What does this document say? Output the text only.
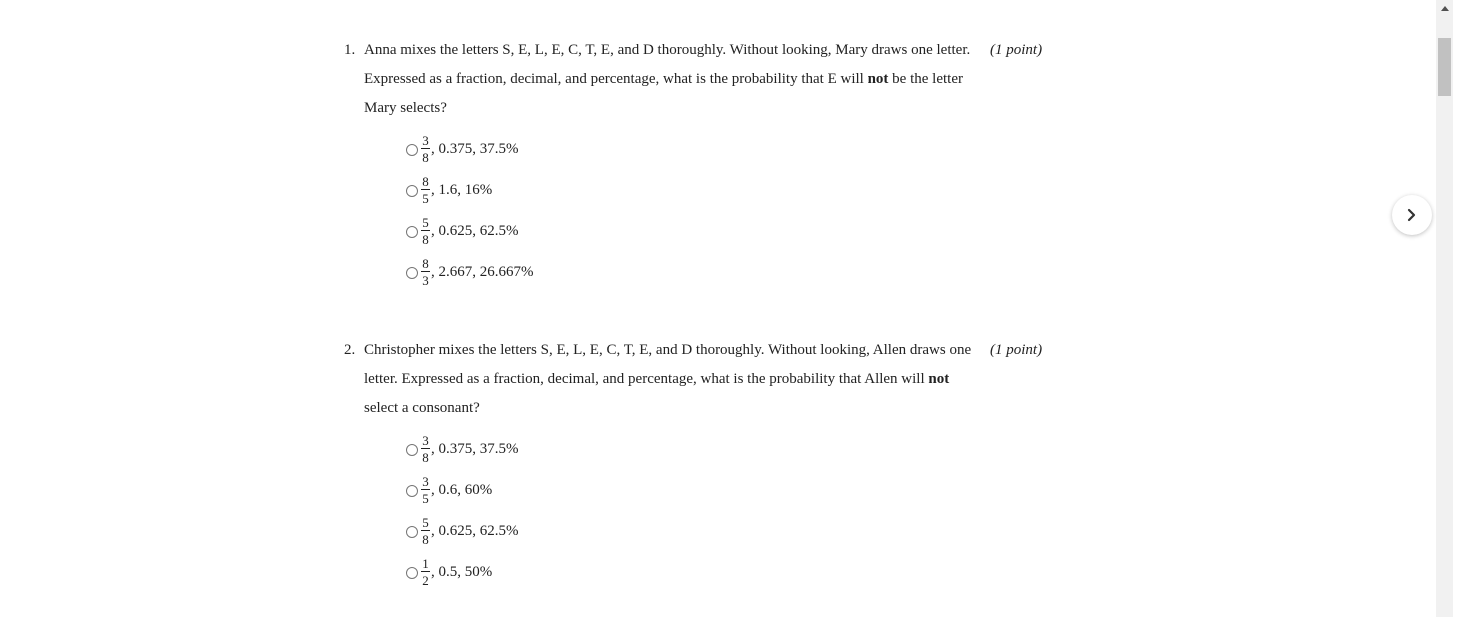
1. Anna mixes the letters S, E, L, E, C, T, E, and D thoroughly. Without looking, Mary draws one letter. Expressed as a fraction, decimal, and percentage, what is the probability that E will not be the letter Mary selects?
(1 point)
$\frac{3}{8}$ , 0.375, 37.5%
$\frac{8}{5}$ , 1.6, 16%
$\frac{5}{8}$ , 0.625, 62.5%
$\frac{8}{3}$ , 2.667, 26.667%
2. Christopher mixes the letters S, E, L, E, C, T, E, and D thoroughly. Without looking, Allen draws one letter. Expressed as a fraction, decimal, and percentage, what is the probability that Allen will not select a consonant?
(1 point)
$\frac{3}{8}$ , 0.375, 37.5%
$\frac{3}{5}$ , 0.6, 60%
$\frac{5}{8}$ , 0.625, 62.5%
$\frac{1}{2}$ , 0.5, 50%
